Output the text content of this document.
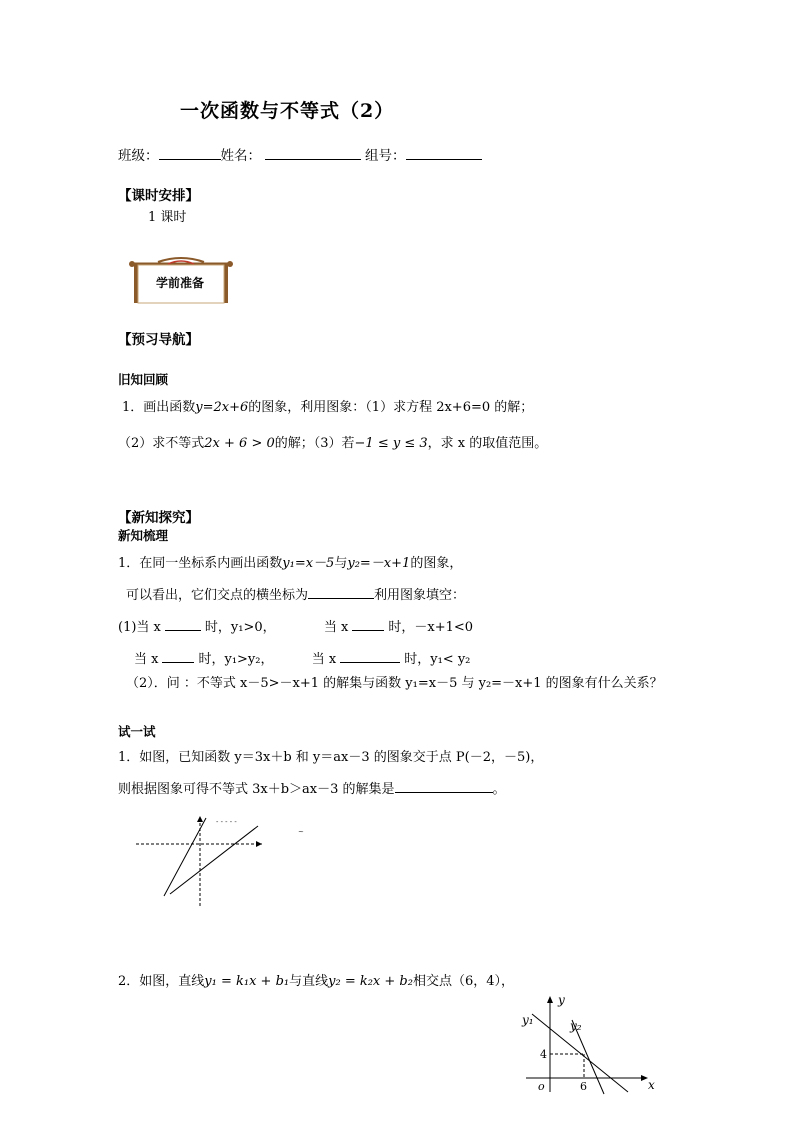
一次函数与不等式（2）
班级：	姓名：	组号：
【课时安排】
1 课时
学前准备
【预习导航】
旧知回顾
1．画出函数y=2x+6的图象，利用图象：（1）求方程 2x+6=0 的解；
（2）求不等式2x + 6 > 0的解；（3）若−1 ≤ y ≤ 3，求 x 的取值范围。
【新知探究】
新知梳理
1．在同一坐标系内画出函数y₁=x－5与y₂=－x+1的图象，
可以看出，它们交点的横坐标为	利用图象填空：
(1)当 x	时，y₁>0，	当 x	时，－x+1<0
当 x	时，y₁>y₂，	当 x	时，y₁< y₂
（2）．问 ：不等式 x－5>－x+1 的解集与函数 y₁=x－5 与 y₂=－x+1 的图象有什么关系？
试一试
1．如图，已知函数 y＝3x＋b 和 y＝ax－3 的图象交于点 P(－2，－5)，
则根据图象可得不等式 3x＋b＞ax－3 的解集是	。
- - - - -
~
2．如图，直线y₁ = k₁x + b₁与直线y₂ = k₂x + b₂相交点（6，4），
y
x
y₁	y₂
4
6
o
